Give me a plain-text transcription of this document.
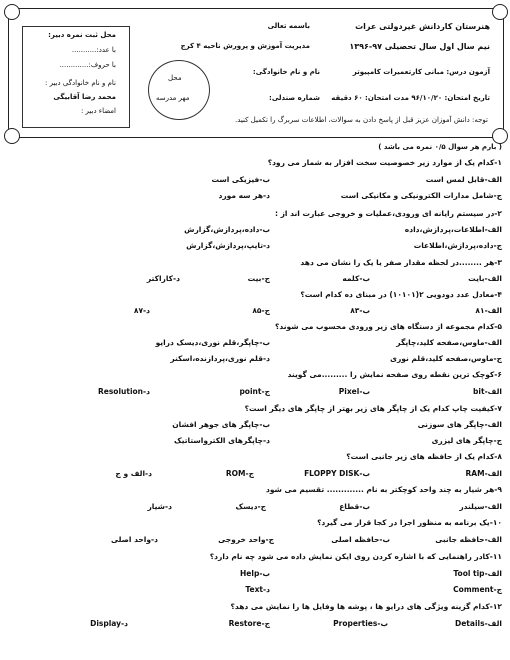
هنرستان کاردانش غیردولتی عرات
باسمه تعالی
نیم سال اول سال تحصیلی ۹۷-۱۳۹۶
مدیریت آموزش و پرورش ناحیه ۴ کرج
آزمون درس: مبانی کارتعمیرات کامپیوتر
نام و نام خانوادگی:
تاریخ امتحان: ۹۶/۱۰/۲۰ مدت امتحان: ۶۰ دقیقه
شماره صندلی:
توجه: دانش آموزان عزیز قبل از پاسخ دادن به سوالات، اطلاعات سربرگ را تکمیل کنید.
محل
مهر مدرسه
محل ثبت نمره دبیر:
با عدد:...........
با حروف:.............
نام و نام خانوادگی دبیر :
محمد رضا آقابیگی
امضاء دبیر :
( بارم هر سوال ۰/۵ نمره می باشد )
۱-کدام یک از موارد زیر خصوصیت سخت افزار به شمار می رود؟
الف-قابل لمس است
ب-فیزیکی است
ج-شامل مدارات الکترونیکی و مکانیکی است
د-هر سه مورد
۲-در سیستم رایانه ای ورودی،عملیات و خروجی عبارت اند از :
الف-اطلاعات،پردازش،داده
ب-داده،پردازش،گزارش
ج-داده،پردازش،اطلاعات
د-تایپ،پردازش،گزارش
۳-هر ........در لحظه مقدار صفر یا یک را نشان می دهد
الف-بایت
ب-کلمه
ج-بیت
د-کاراکتر
۴-معادل عدد دودویی ۲(۱۰۱۰۱) در مبنای ده کدام است؟
الف-۸۱
ب-۸۳
ج-۸۵
د-۸۷
۵-کدام مجموعه از دستگاه های زیر ورودی محسوب می شوند؟
الف-ماوس،صفحه کلید،چاپگر
ب-چاپگر،قلم نوری،دیسک درایو
ج-ماوس،صفحه کلید،قلم نوری
د-قلم نوری،پردازنده،اسکنر
۶-کوچک ترین نقطه روی صفحه نمایش را .........می گویند
الف-bit
ب-Pixel
ج-point
د-Resolution
۷-کیفیت چاپ کدام یک از چاپگر های زیر بهتر از چاپگر های دیگر است؟
الف-چاپگر های سوزنی
ب-چاپگر های جوهر افشان
ج-چاپگر های لیزری
د-چاپگرهای الکترواستاتیک
۸-کدام یک از حافظه های زیر جانبی است؟
الف-RAM
ب-FLOPPY DISK
ج-ROM
د-الف و ج
۹-هر شیار به چند واحد کوچکتر به نام ............. تقسیم می شود
الف-سیلندر
ب-قطاع
ج-دیسک
د-شیار
۱۰-یک برنامه به منظور اجرا در کجا قرار می گیرد؟
الف-حافظه جانبی
ب-حافظه اصلی
ج-واحد خروجی
د-واحد اصلی
۱۱-کادر راهنمایی که با اشاره کردن روی ایکن نمایش داده می شود چه نام دارد؟
الف-Tool tip
ب-Help
ج-Comment
د-Text
۱۲-کدام گزینه ویژگی های درایو ها ، پوشه ها وفایل ها را نمایش می دهد؟
الف-Details
ب-Properties
ج-Restore
د-Display
